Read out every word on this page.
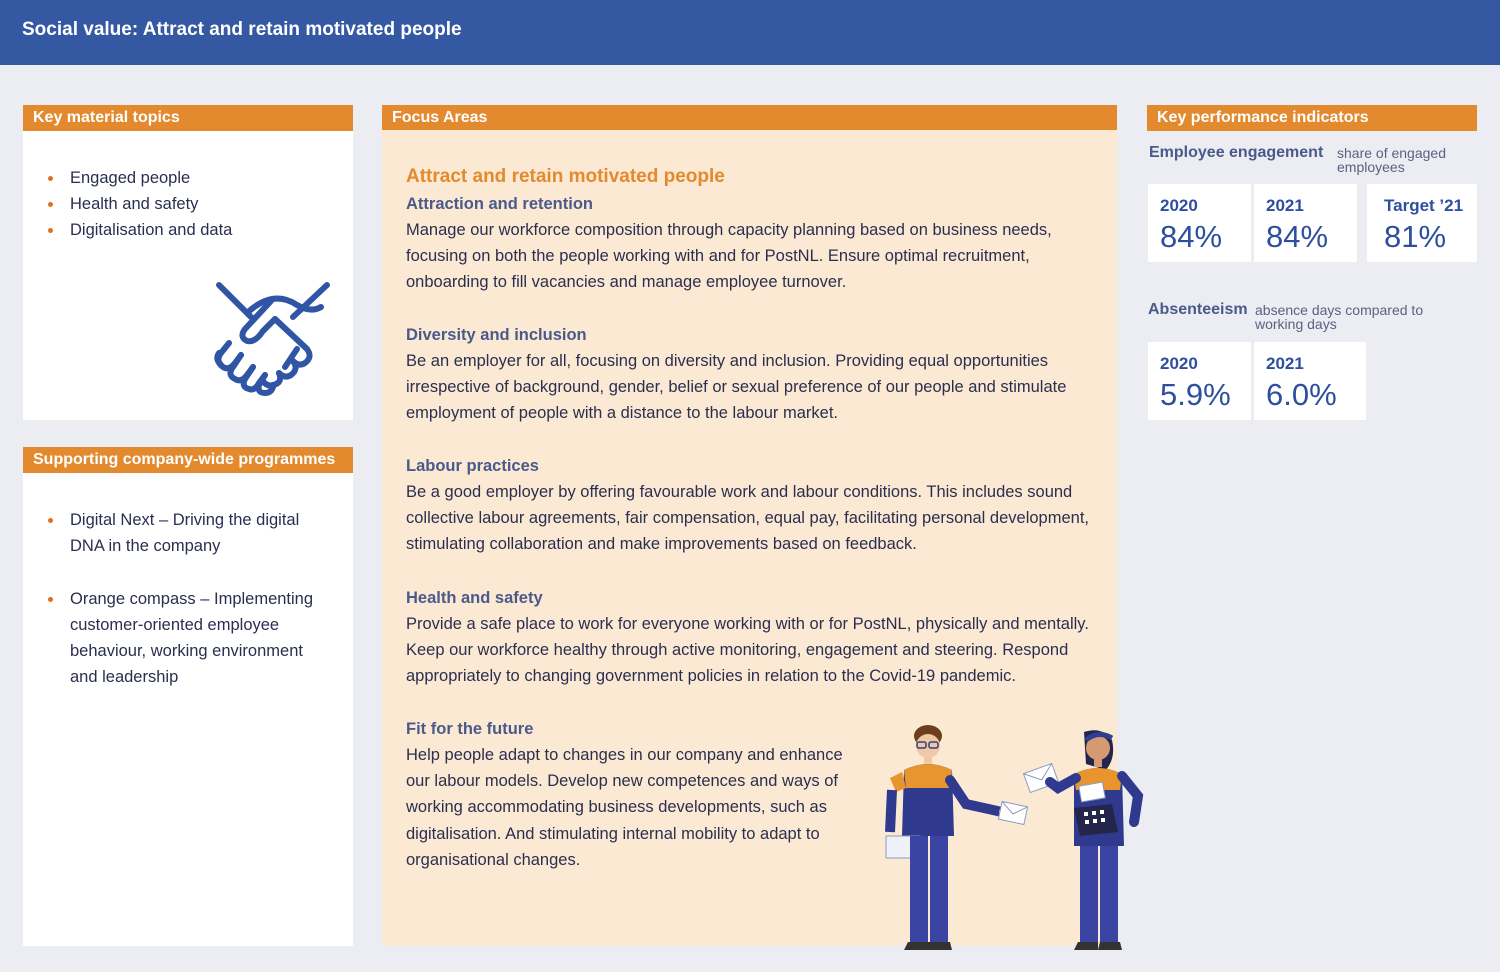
Social value: Attract and retain motivated people
Key material topics
Engaged people
Health and safety
Digitalisation and data
Supporting company-wide programmes
Digital Next – Driving the digital
DNA in the company
Orange compass – Implementing
customer-oriented employee
behaviour, working environment
and leadership
Focus Areas
Attract and retain motivated people
Attraction and retention

Manage our workforce composition through capacity planning based on business needs,
focusing on both the people working with and for PostNL. Ensure optimal recruitment,
onboarding to fill vacancies and manage employee turnover.

Diversity and inclusion

Be an employer for all, focusing on diversity and inclusion. Providing equal opportunities
irrespective of background, gender, belief or sexual preference of our people and stimulate
employment of people with a distance to the labour market.

Labour practices

Be a good employer by offering favourable work and labour conditions. This includes sound
collective labour agreements, fair compensation, equal pay, facilitating personal development,
stimulating collaboration and make improvements based on feedback.

Health and safety

Provide a safe place to work for everyone working with or for PostNL, physically and mentally.
Keep our workforce healthy through active monitoring, engagement and steering. Respond
appropriately to changing government policies in relation to the Covid-19 pandemic.

Fit for the future

Help people adapt to changes in our company and enhance
our labour models. Develop new competences and ways of
working accommodating business developments, such as
digitalisation. And stimulating internal mobility to adapt to
organisational changes.

Key performance indicators
Employee engagement share of engaged
employees
2020
84%
2021
84%
Target ’21
81%
Absenteeism absence days compared to
working days
2020
5.9%
2021
6.0%
